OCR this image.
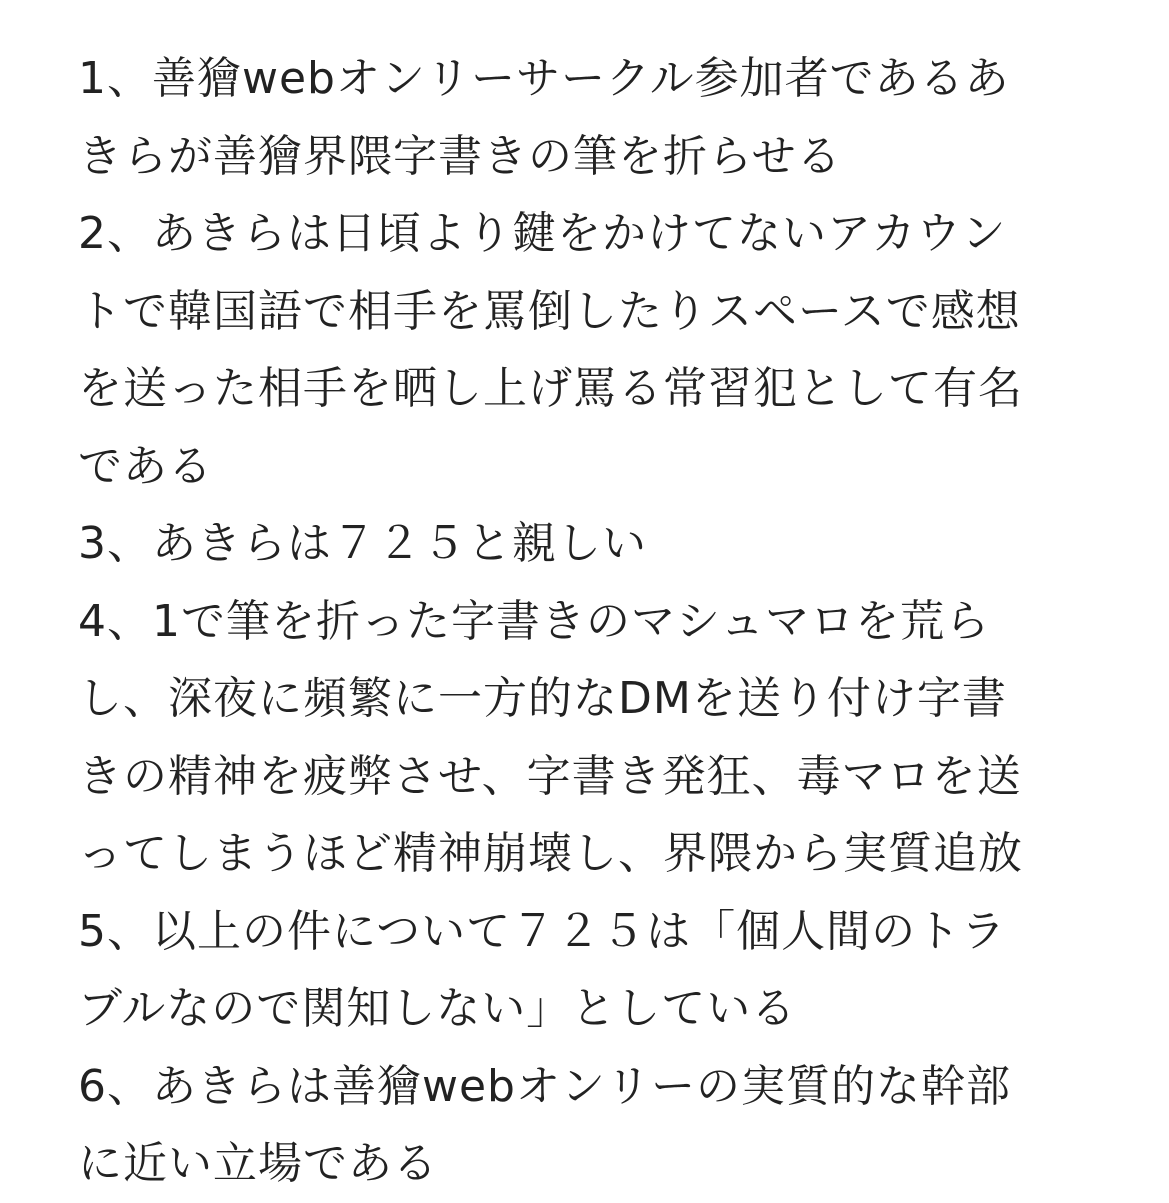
1、善獪webオンリーサークル参加者であるあ
きらが善獪界隈字書きの筆を折らせる
2、あきらは日頃より鍵をかけてないアカウン
トで韓国語で相手を罵倒したりスペースで感想
を送った相手を晒し上げ罵る常習犯として有名
である
3、あきらは７２５と親しい
4、1で筆を折った字書きのマシュマロを荒ら
し、深夜に頻繁に一方的なDMを送り付け字書
きの精神を疲弊させ、字書き発狂、毒マロを送
ってしまうほど精神崩壊し、界隈から実質追放
5、以上の件について７２５は「個人間のトラ
ブルなので関知しない」としている
6、あきらは善獪webオンリーの実質的な幹部
に近い立場である
